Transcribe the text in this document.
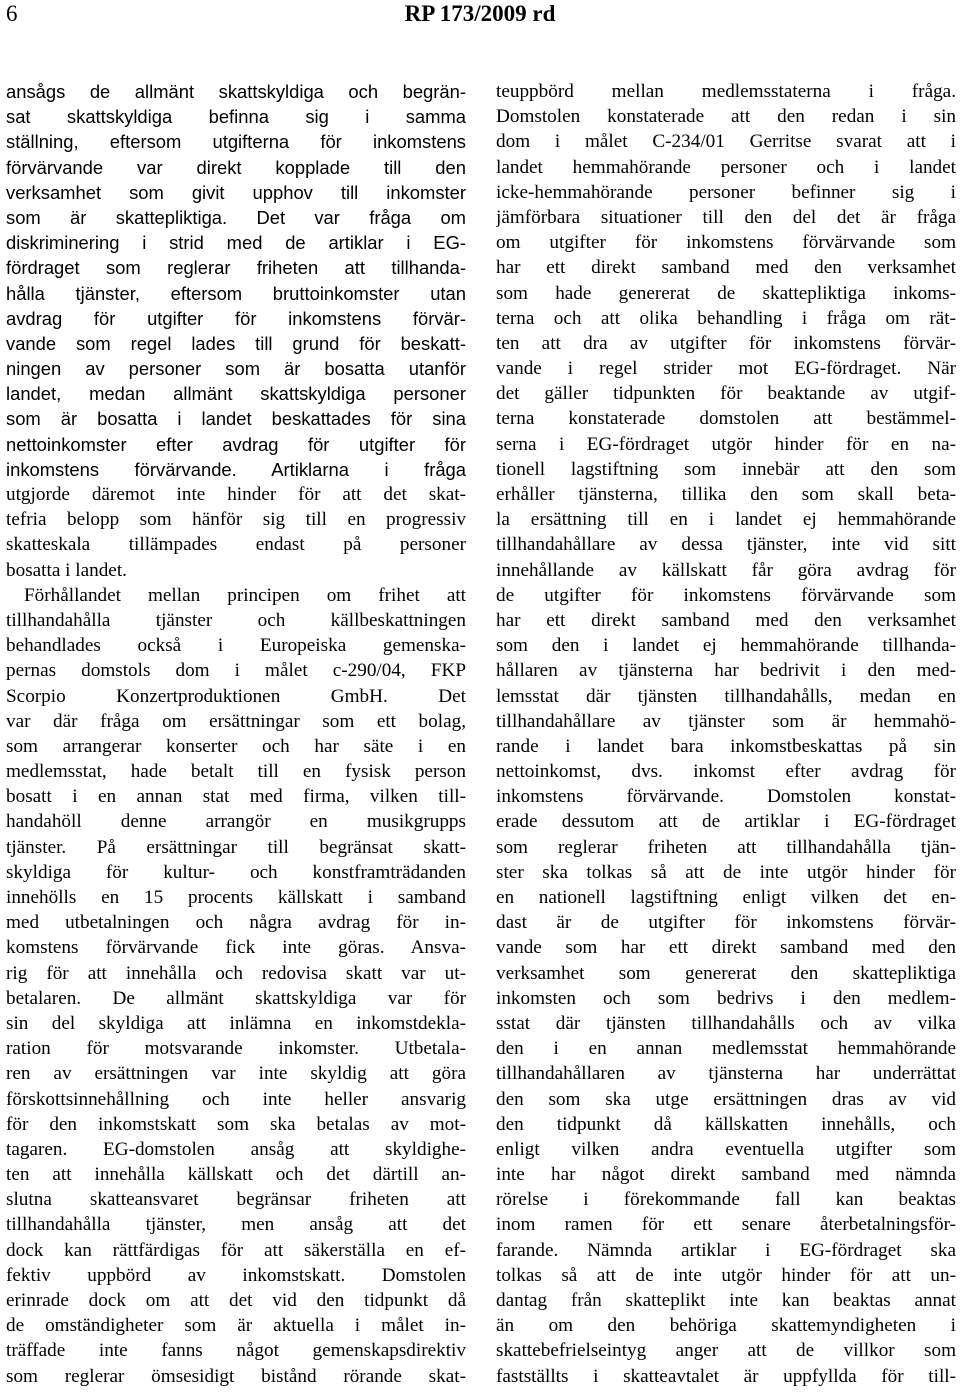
6	RP 173/2009 rd
ansågs de allmänt skattskyldiga och begrän-
sat skattskyldiga befinna sig i samma
ställning, eftersom utgifterna för inkomstens
förvärvande var direkt kopplade till den
verksamhet som givit upphov till inkomster
som är skattepliktiga. Det var fråga om
diskriminering i strid med de artiklar i EG-
fördraget som reglerar friheten att tillhanda-
hålla tjänster, eftersom bruttoinkomster utan
avdrag för utgifter för inkomstens förvär-
vande som regel lades till grund för beskatt-
ningen av personer som är bosatta utanför
landet, medan allmänt skattskyldiga personer
som är bosatta i landet beskattades för sina
nettoinkomster efter avdrag för utgifter för
inkomstens förvärvande. Artiklarna i fråga
utgjorde däremot inte hinder för att det skat-
tefria belopp som hänför sig till en progressiv
skatteskala tillämpades endast på personer
bosatta i landet.
Förhållandet mellan principen om frihet att
tillhandahålla tjänster och källbeskattningen
behandlades också i Europeiska gemenska-
pernas domstols dom i målet c-290/04, FKP
Scorpio Konzertproduktionen GmbH. Det
var där fråga om ersättningar som ett bolag,
som arrangerar konserter och har säte i en
medlemsstat, hade betalt till en fysisk person
bosatt i en annan stat med firma, vilken till-
handahöll denne arrangör en musikgrupps
tjänster. På ersättningar till begränsat skatt-
skyldiga för kultur- och konstframträdanden
innehölls en 15 procents källskatt i samband
med utbetalningen och några avdrag för in-
komstens förvärvande fick inte göras. Ansva-
rig för att innehålla och redovisa skatt var ut-
betalaren. De allmänt skattskyldiga var för
sin del skyldiga att inlämna en inkomstdekla-
ration för motsvarande inkomster. Utbetala-
ren av ersättningen var inte skyldig att göra
förskottsinnehållning och inte heller ansvarig
för den inkomstskatt som ska betalas av mot-
tagaren. EG-domstolen ansåg att skyldighe-
ten att innehålla källskatt och det därtill an-
slutna skatteansvaret begränsar friheten att
tillhandahålla tjänster, men ansåg att det
dock kan rättfärdigas för att säkerställa en ef-
fektiv uppbörd av inkomstskatt. Domstolen
erinrade dock om att det vid den tidpunkt då
de omständigheter som är aktuella i målet in-
träffade inte fanns något gemenskapsdirektiv
som reglerar ömsesidigt bistånd rörande skat-
teuppbörd mellan medlemsstaterna i fråga.
Domstolen konstaterade att den redan i sin
dom i målet C-234/01 Gerritse svarat att i
landet hemmahörande personer och i landet
icke-hemmahörande personer befinner sig i
jämförbara situationer till den del det är fråga
om utgifter för inkomstens förvärvande som
har ett direkt samband med den verksamhet
som hade genererat de skattepliktiga inkoms-
terna och att olika behandling i fråga om rät-
ten att dra av utgifter för inkomstens förvär-
vande i regel strider mot EG-fördraget. När
det gäller tidpunkten för beaktande av utgif-
terna konstaterade domstolen att bestämmel-
serna i EG-fördraget utgör hinder för en na-
tionell lagstiftning som innebär att den som
erhåller tjänsterna, tillika den som skall beta-
la ersättning till en i landet ej hemmahörande
tillhandahållare av dessa tjänster, inte vid sitt
innehållande av källskatt får göra avdrag för
de utgifter för inkomstens förvärvande som
har ett direkt samband med den verksamhet
som den i landet ej hemmahörande tillhanda-
hållaren av tjänsterna har bedrivit i den med-
lemsstat där tjänsten tillhandahålls, medan en
tillhandahållare av tjänster som är hemmahö-
rande i landet bara inkomstbeskattas på sin
nettoinkomst, dvs. inkomst efter avdrag för
inkomstens förvärvande. Domstolen konstat-
erade dessutom att de artiklar i EG-fördraget
som reglerar friheten att tillhandahålla tjän-
ster ska tolkas så att de inte utgör hinder för
en nationell lagstiftning enligt vilken det en-
dast är de utgifter för inkomstens förvär-
vande som har ett direkt samband med den
verksamhet som genererat den skattepliktiga
inkomsten och som bedrivs i den medlem-
sstat där tjänsten tillhandahålls och av vilka
den i en annan medlemsstat hemmahörande
tillhandahållaren av tjänsterna har underrättat
den som ska utge ersättningen dras av vid
den tidpunkt då källskatten innehålls, och
enligt vilken andra eventuella utgifter som
inte har något direkt samband med nämnda
rörelse i förekommande fall kan beaktas
inom ramen för ett senare återbetalningsför-
farande. Nämnda artiklar i EG-fördraget ska
tolkas så att de inte utgör hinder för att un-
dantag från skatteplikt inte kan beaktas annat
än om den behöriga skattemyndigheten i
skattebefrielseintyg anger att de villkor som
fastställts i skatteavtalet är uppfyllda för till-
